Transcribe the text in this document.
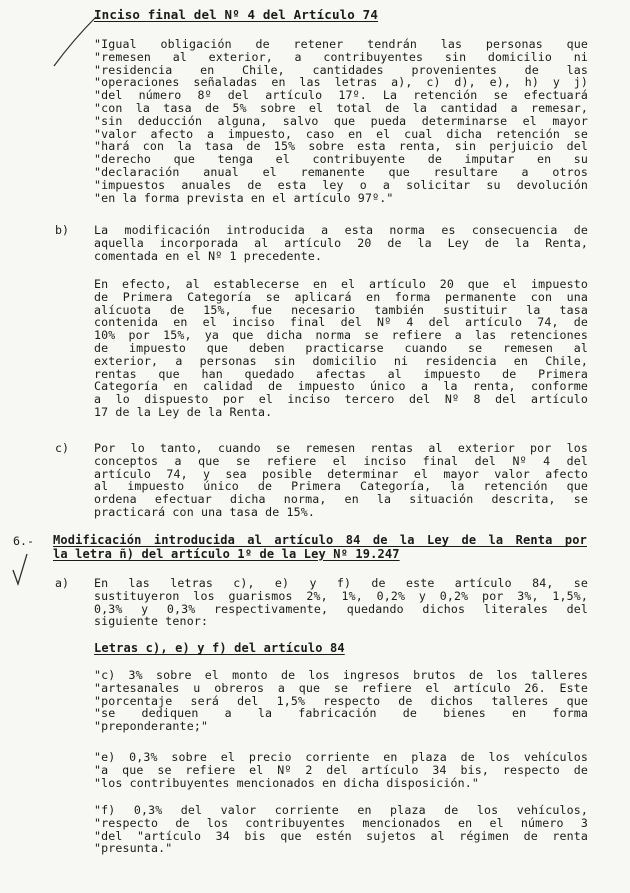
Inciso final del Nº 4 del Artículo 74
"Igual obligación de retener tendrán las personas que
"remesen al exterior, a contribuyentes sin domicilio ni
"residencia en Chile, cantidades provenientes de las
"operaciones señaladas en las letras a), c) d), e), h) y j)
"del número 8º del artículo 17º. La retención se efectuará
"con la tasa de 5% sobre el total de la cantidad a remesar,
"sin deducción alguna, salvo que pueda determinarse el mayor
"valor afecto a impuesto, caso en el cual dicha retención se
"hará con la tasa de 15% sobre esta renta, sin perjuicio del
"derecho que tenga el contribuyente de imputar en su
"declaración anual el remanente que resultare a otros
"impuestos anuales de esta ley o a solicitar su devolución
"en la forma prevista en el artículo 97º."
b) La modificación introducida a esta norma es consecuencia de
aquella incorporada al artículo 20 de la Ley de la Renta,
comentada en el Nº 1 precedente.
En efecto, al establecerse en el artículo 20 que el impuesto
de Primera Categoría se aplicará en forma permanente con una
alícuota de 15%, fue necesario también sustituir la tasa
contenida en el inciso final del Nº 4 del artículo 74, de
10% por 15%, ya que dicha norma se refiere a las retenciones
de impuesto que deben practicarse cuando se remesen al
exterior, a personas sin domicilio ni residencia en Chile,
rentas que han quedado afectas al impuesto de Primera
Categoría en calidad de impuesto único a la renta, conforme
a lo dispuesto por el inciso tercero del Nº 8 del artículo
17 de la Ley de la Renta.
c) Por lo tanto, cuando se remesen rentas al exterior por los
conceptos a que se refiere el inciso final del Nº 4 del
artículo 74, y sea posible determinar el mayor valor afecto
al impuesto único de Primera Categoría, la retención que
ordena efectuar dicha norma, en la situación descrita, se
practicará con una tasa de 15%.
6.- Modificación introducida al artículo 84 de la Ley de la Renta por
la letra ñ) del artículo 1º de la Ley Nº 19.247
a) En las letras c), e) y f) de este artículo 84, se
sustituyeron los guarismos 2%, 1%, 0,2% y 0,2% por 3%, 1,5%,
0,3% y 0,3% respectivamente, quedando dichos literales del
siguiente tenor:
Letras c), e) y f) del artículo 84
"c) 3% sobre el monto de los ingresos brutos de los talleres
"artesanales u obreros a que se refiere el artículo 26. Este
"porcentaje será del 1,5% respecto de dichos talleres que
"se dediquen a la fabricación de bienes en forma
"preponderante;"
"e) 0,3% sobre el precio corriente en plaza de los vehículos
"a que se refiere el Nº 2 del artículo 34 bis, respecto de
"los contribuyentes mencionados en dicha disposición."
"f) 0,3% del valor corriente en plaza de los vehículos,
"respecto de los contribuyentes mencionados en el número 3
"del "artículo 34 bis que estén sujetos al régimen de renta
"presunta."
